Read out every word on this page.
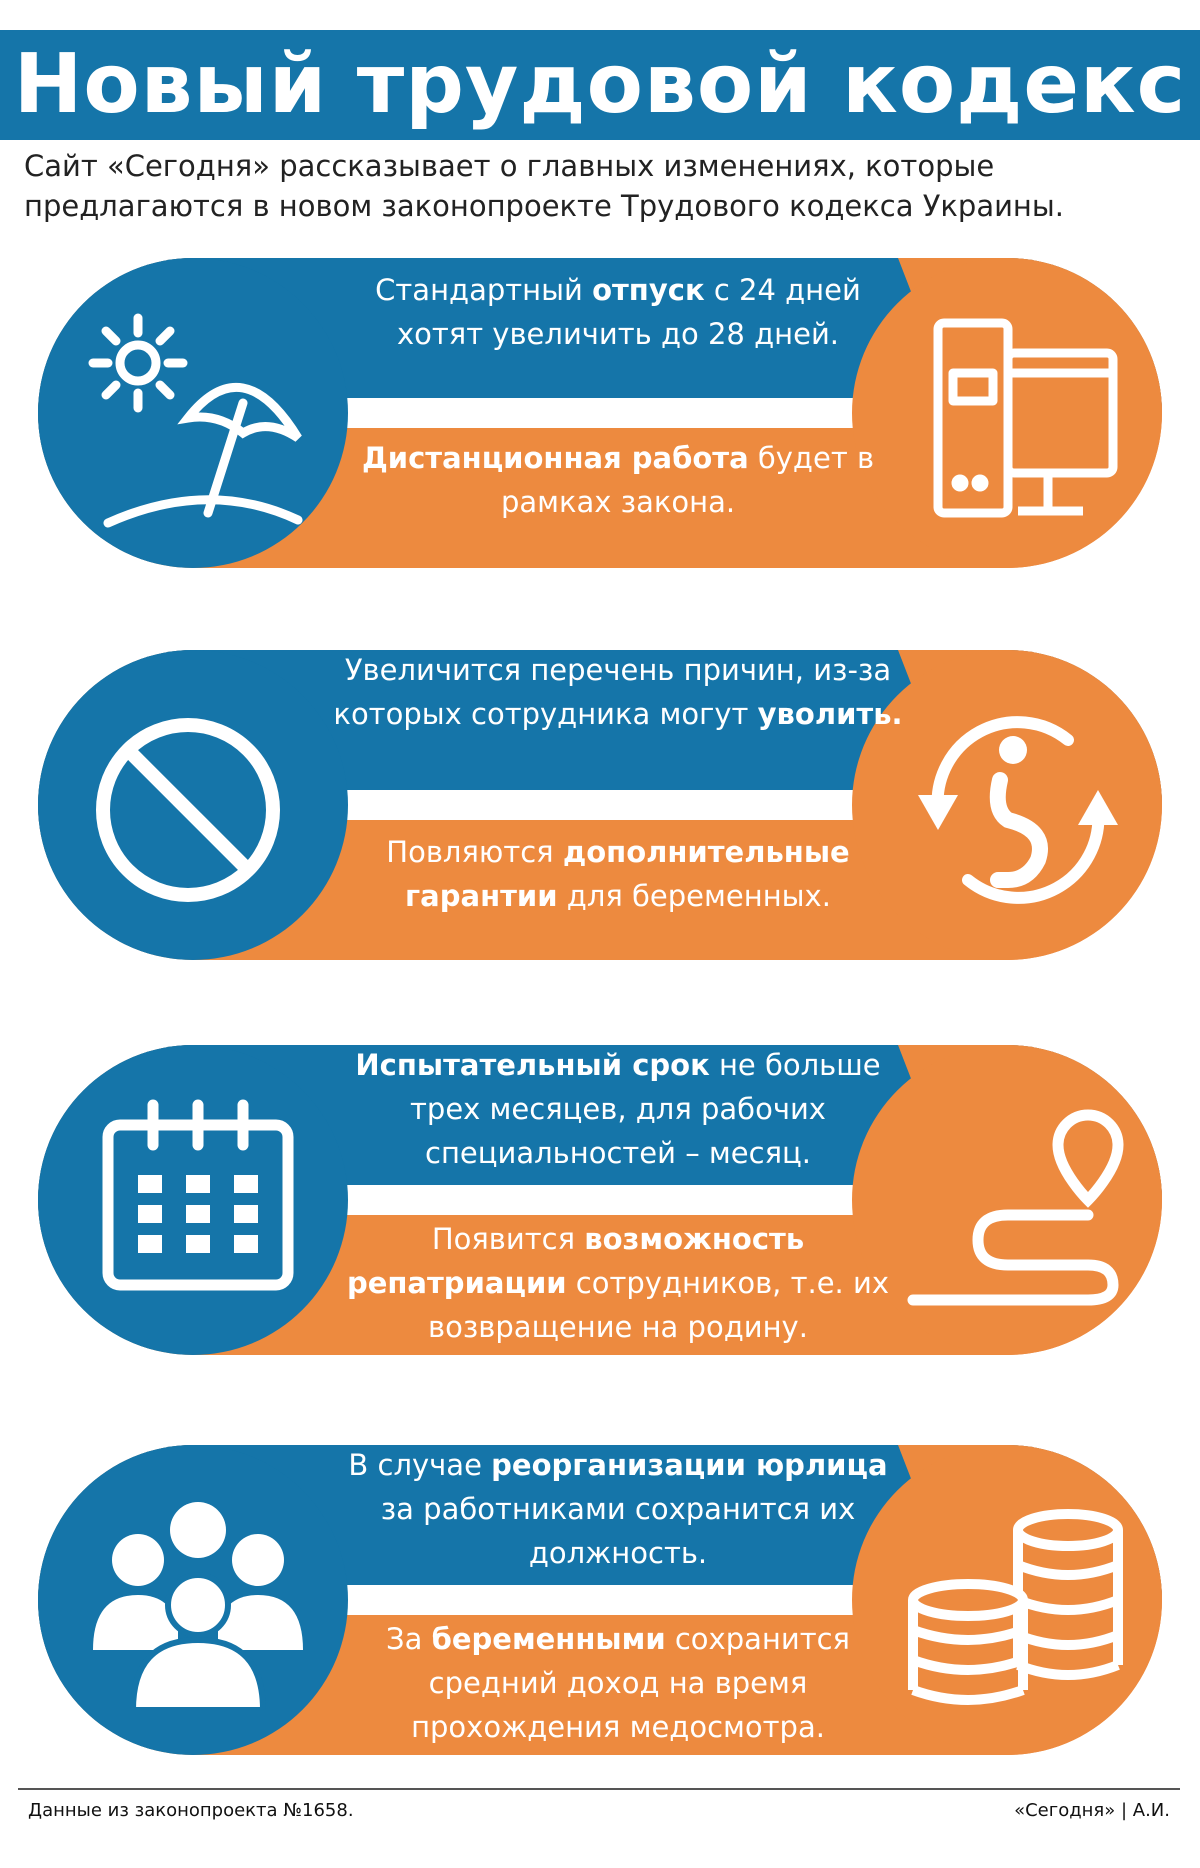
Новый трудовой кодекс
Сайт «Сегодня» рассказывает о главных изменениях, которые предлагаются в новом законопроекте Трудового кодекса Украины.
Стандартный отпуск с 24 дней хотят увеличить до 28 дней.
Дистанционная работа будет в рамках закона.
Увеличится перечень причин, из-за которых сотрудника могут уволить.
Повляются дополнительные гарантии для беременных.
Испытательный срок не больше трех месяцев, для рабочих специальностей – месяц.
Появится возможность репатриации сотрудников, т.е. их возвращение на родину.
В случае реорганизации юрлица за работниками сохранится их должность.
За беременными сохранится средний доход на время прохождения медосмотра.
Данные из законопроекта №1658.	«Сегодня» | А.И.
